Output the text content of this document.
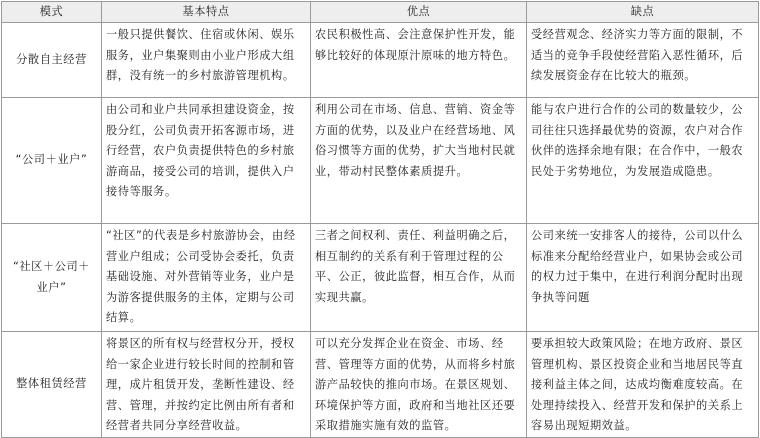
模式	基本特点	优点	缺点
分散自主经营	一般只提供餐饮、住宿或休闲、娱乐服务，业户集聚则由小业户形成大组群，没有统一的乡村旅游管理机构。	农民积极性高、会注意保护性开发，能够比较好的体现原汁原味的地方特色。	受经营观念、经济实力等方面的限制，不适当的竞争手段使经营陷入恶性循环，后续发展资金存在比较大的瓶颈。
“公司＋业户”	由公司和业户共同承担建设资金，按股分红，公司负责开拓客源市场，进行经营，农户负责提供特色的乡村旅游商品，接受公司的培训，提供入户接待等服务。	利用公司在市场、信息、营销、资金等方面的优势，以及业户在经营场地、风俗习惯等方面的优势，扩大当地村民就业，带动村民整体素质提升。	能与农户进行合作的公司的数量较少，公司往往只选择最优势的资源，农户对合作伙伴的选择余地有限；在合作中，一般农民处于劣势地位，为发展造成隐患。
“社区＋公司＋业户”	“社区”的代表是乡村旅游协会，由经营业户组成；公司受协会委托，负责基础设施、对外营销等业务，业户是为游客提供服务的主体，定期与公司结算。	三者之间权利、责任、利益明确之后，相互制约的关系有利于管理过程的公平、公正，彼此监督，相互合作，从而实现共赢。	公司来统一安排客人的接待，公司以什么标准来分配给经营业户，如果协会或公司的权力过于集中，在进行利润分配时出现争执等问题
整体租赁经营	将景区的所有权与经营权分开，授权给一家企业进行较长时间的控制和管理，成片租赁开发，垄断性建设、经营、管理，并按约定比例由所有者和经营者共同分享经营收益。	可以充分发挥企业在资金、市场、经营、管理等方面的优势，从而将乡村旅游产品较快的推向市场。在景区规划、环境保护等方面，政府和当地社区还要采取措施实施有效的监管。	要承担较大政策风险；在地方政府、景区管理机构、景区投资企业和当地居民等直接利益主体之间，达成均衡难度较高。在处理持续投入、经营开发和保护的关系上容易出现短期效益。
